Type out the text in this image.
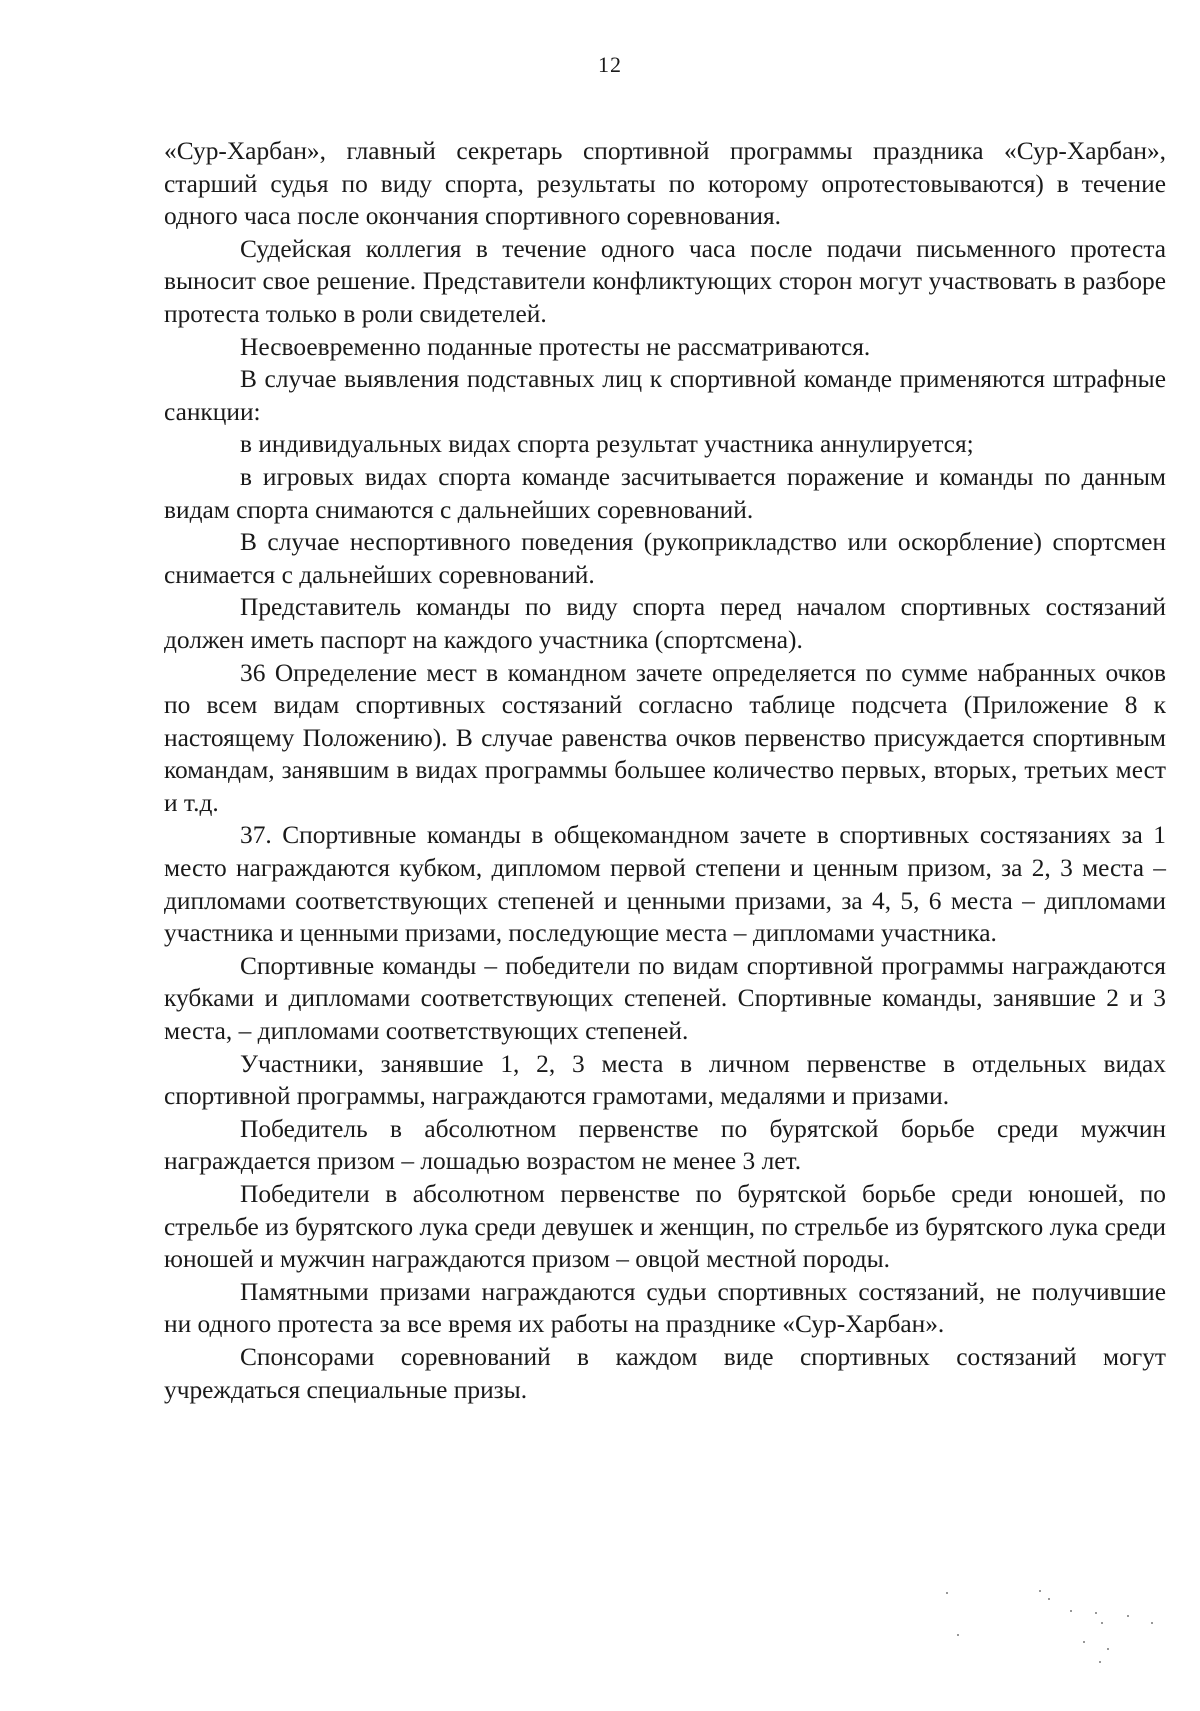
12

«Сур-Харбан», главный секретарь спортивной программы праздника «Сур-Харбан», старший судья по виду спорта, результаты по которому опротестовываются) в течение одного часа после окончания спортивного соревнования.

Судейская коллегия в течение одного часа после подачи письменного протеста выносит свое решение. Представители конфликтующих сторон могут участвовать в разборе протеста только в роли свидетелей.

Несвоевременно поданные протесты не рассматриваются.

В случае выявления подставных лиц к спортивной команде применяются штрафные санкции:

в индивидуальных видах спорта результат участника аннулируется;

в игровых видах спорта команде засчитывается поражение и команды по данным видам спорта снимаются с дальнейших соревнований.

В случае неспортивного поведения (рукоприкладство или оскорбление) спортсмен снимается с дальнейших соревнований.

Представитель команды по виду спорта перед началом спортивных состязаний должен иметь паспорт на каждого участника (спортсмена).

36 Определение мест в командном зачете определяется по сумме набранных очков по всем видам спортивных состязаний согласно таблице подсчета (Приложение 8 к настоящему Положению). В случае равенства очков первенство присуждается спортивным командам, занявшим в видах программы большее количество первых, вторых, третьих мест и т.д.

37. Спортивные команды в общекомандном зачете в спортивных состязаниях за 1 место награждаются кубком, дипломом первой степени и ценным призом, за 2, 3 места – дипломами соответствующих степеней и ценными призами, за 4, 5, 6 места – дипломами участника и ценными призами, последующие места – дипломами участника.

Спортивные команды – победители по видам спортивной программы награждаются кубками и дипломами соответствующих степеней. Спортивные команды, занявшие 2 и 3 места, – дипломами соответствующих степеней.

Участники, занявшие 1, 2, 3 места в личном первенстве в отдельных видах спортивной программы, награждаются грамотами, медалями и призами.

Победитель в абсолютном первенстве по бурятской борьбе среди мужчин награждается призом – лошадью возрастом не менее 3 лет.

Победители в абсолютном первенстве по бурятской борьбе среди юношей, по стрельбе из бурятского лука среди девушек и женщин, по стрельбе из бурятского лука среди юношей и мужчин награждаются призом – овцой местной породы.

Памятными призами награждаются судьи спортивных состязаний, не получившие ни одного протеста за все время их работы на празднике «Сур-Харбан».

Спонсорами соревнований в каждом виде спортивных состязаний могут учреждаться специальные призы.
